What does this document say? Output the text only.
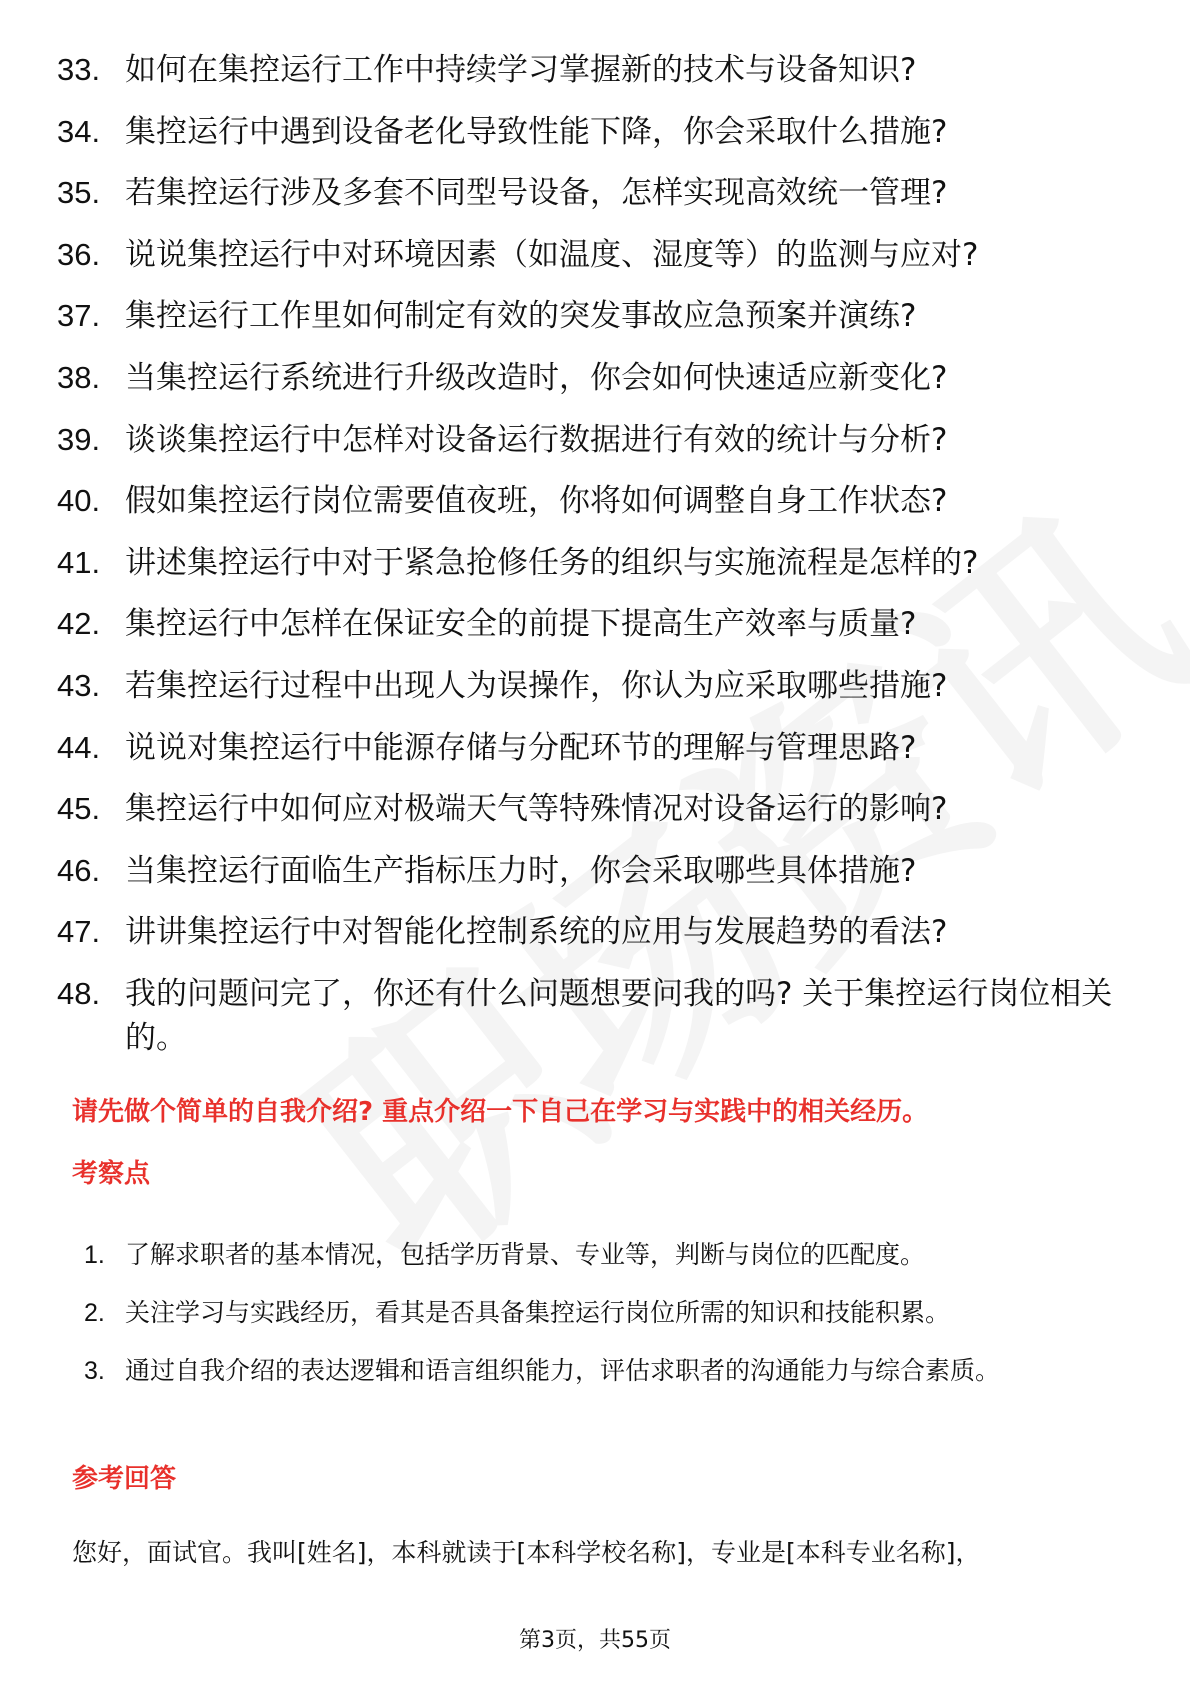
33. 如何在集控运行工作中持续学习掌握新的技术与设备知识?
34. 集控运行中遇到设备老化导致性能下降，你会采取什么措施?
35. 若集控运行涉及多套不同型号设备，怎样实现高效统一管理?
36. 说说集控运行中对环境因素（如温度、湿度等）的监测与应对?
37. 集控运行工作里如何制定有效的突发事故应急预案并演练?
38. 当集控运行系统进行升级改造时，你会如何快速适应新变化?
39. 谈谈集控运行中怎样对设备运行数据进行有效的统计与分析?
40. 假如集控运行岗位需要值夜班，你将如何调整自身工作状态?
41. 讲述集控运行中对于紧急抢修任务的组织与实施流程是怎样的?
42. 集控运行中怎样在保证安全的前提下提高生产效率与质量?
43. 若集控运行过程中出现人为误操作，你认为应采取哪些措施?
44. 说说对集控运行中能源存储与分配环节的理解与管理思路?
45. 集控运行中如何应对极端天气等特殊情况对设备运行的影响?
46. 当集控运行面临生产指标压力时，你会采取哪些具体措施?
47. 讲讲集控运行中对智能化控制系统的应用与发展趋势的看法?
48. 我的问题问完了，你还有什么问题想要问我的吗? 关于集控运行岗位相关的。
请先做个简单的自我介绍? 重点介绍一下自己在学习与实践中的相关经历。
考察点
1. 了解求职者的基本情况，包括学历背景、专业等，判断与岗位的匹配度。
2. 关注学习与实践经历，看其是否具备集控运行岗位所需的知识和技能积累。
3. 通过自我介绍的表达逻辑和语言组织能力，评估求职者的沟通能力与综合素质。
参考回答
您好，面试官。我叫[姓名]，本科就读于[本科学校名称]，专业是[本科专业名称]，
第3页，共55页
